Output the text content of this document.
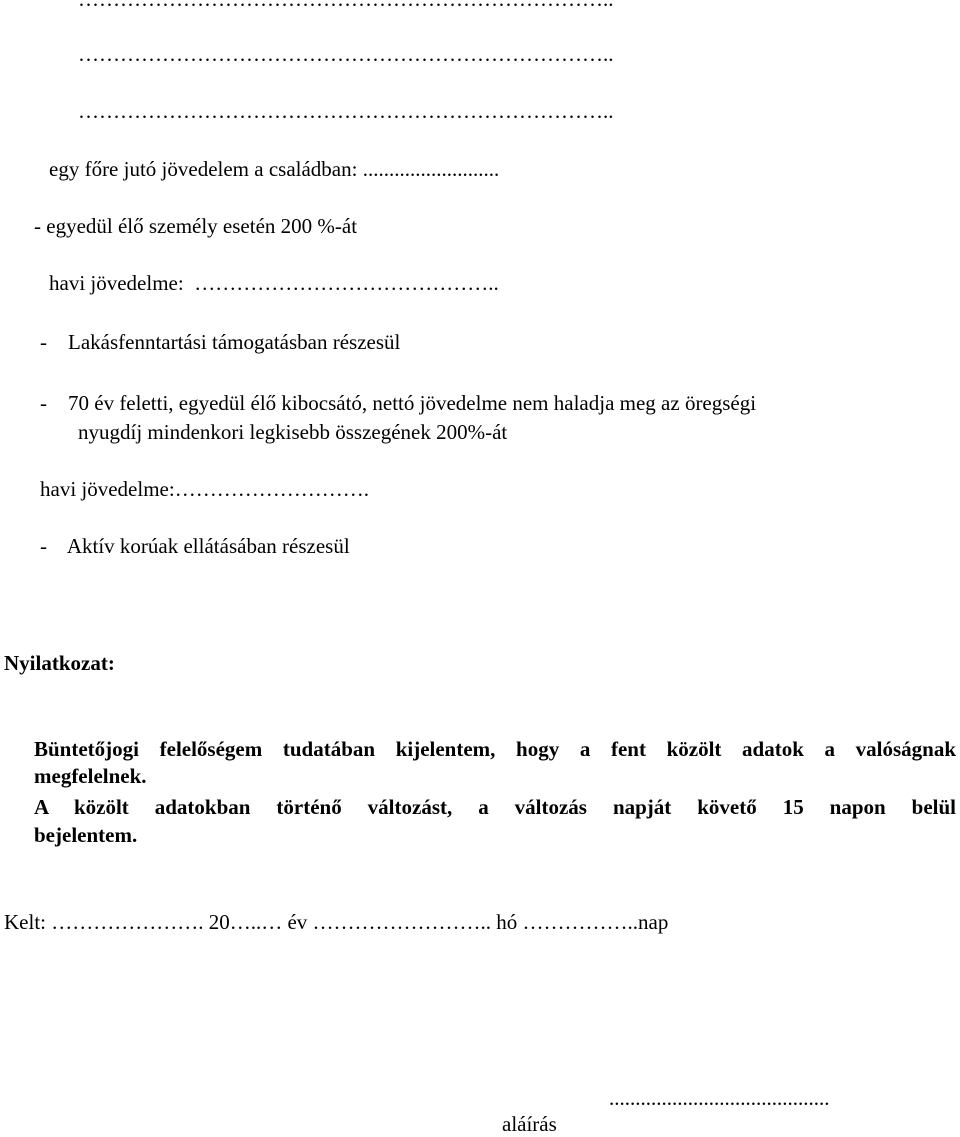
…………………………………………………………………..
…………………………………………………………………..
egy főre jutó jövedelem a családban: ..........................
- egyedül élő személy esetén 200 %-át
havi jövedelme:  ……………………………………..
-    Lakásfenntartási támogatásban részesül
-    70 év feletti, egyedül élő kibocsátó, nettó jövedelme nem haladja meg az öregségi
nyugdíj mindenkori legkisebb összegének 200%-át
havi jövedelme:……………………….
-    Aktív korúak ellátásában részesül
Nyilatkozat:
Büntetőjogi felelőségem tudatában kijelentem, hogy a fent közölt adatok a valóságnak
megfelelnek.
A közölt adatokban történő változást, a változás napját követő 15 napon belül
bejelentem.
Kelt: …………………. 20…..… év …………………….. hó ……………..nap
..........................................
aláírás
